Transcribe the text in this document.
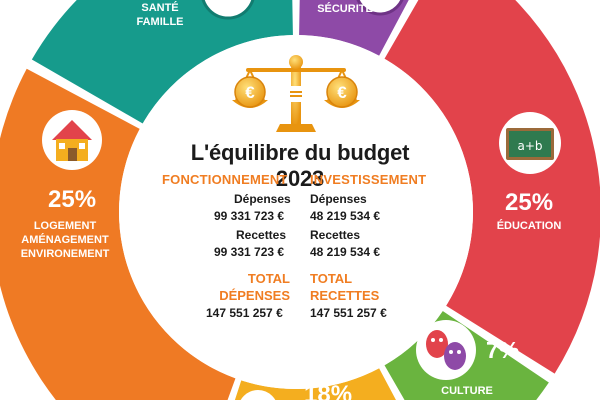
€	€
a+b
SANTÉ
FAMILLE
SÉCURITÉ
25%
LOGEMENT
AMÉNAGEMENT
ENVIRONEMENT
25%
ÉDUCATION
7%
CULTURE
18%
L'équilibre du budget 2023
FONCTIONNEMENT INVESTISSEMENT
Dépenses
99 331 723 €
Recettes
99 331 723 €
Dépenses
48 219 534 €
Recettes
48 219 534 €
TOTAL
DÉPENSES
147 551 257 €
TOTAL
RECETTES
147 551 257 €
